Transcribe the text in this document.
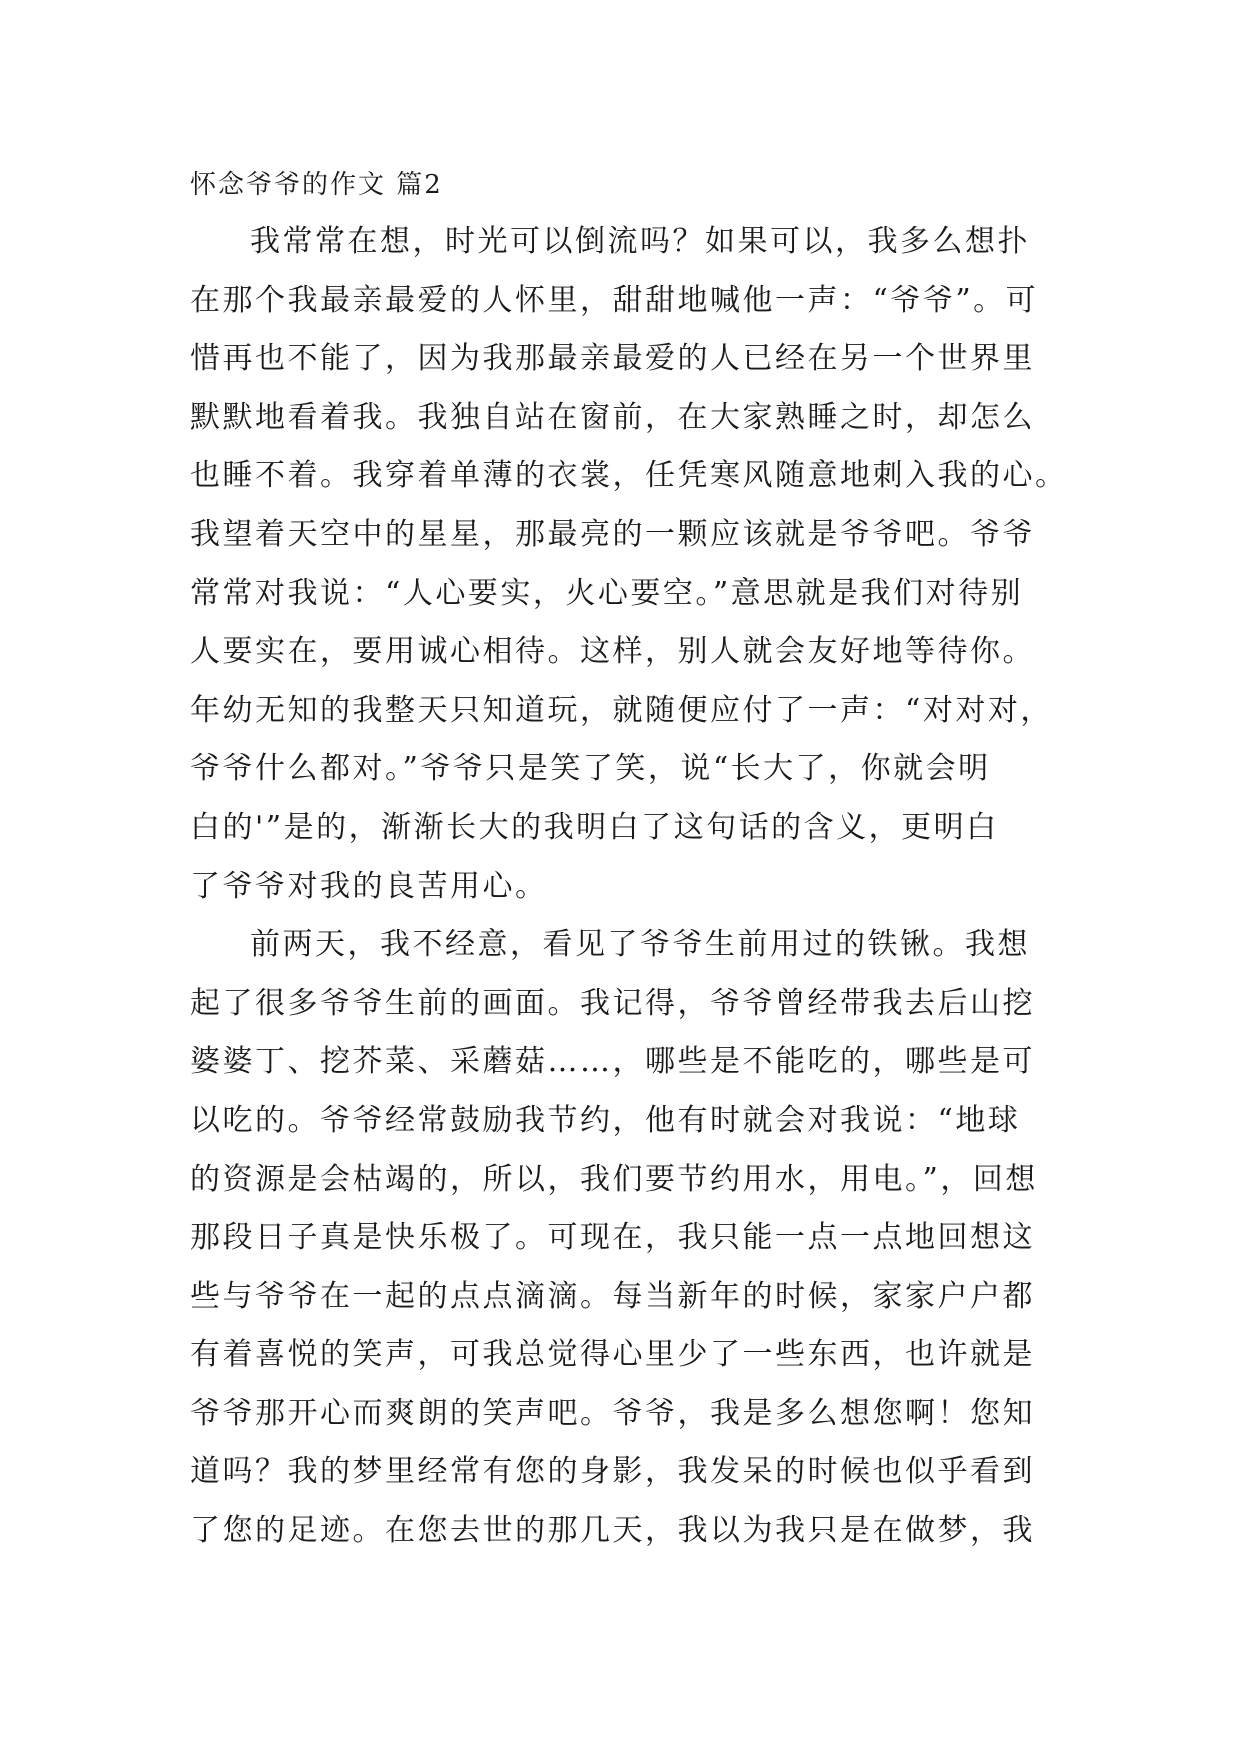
怀念爷爷的作文 篇2
我常常在想，时光可以倒流吗？如果可以，我多么想扑
在那个我最亲最爱的人怀里，甜甜地喊他一声：“爷爷”。可
惜再也不能了，因为我那最亲最爱的人已经在另一个世界里
默默地看着我。我独自站在窗前，在大家熟睡之时，却怎么
也睡不着。我穿着单薄的衣裳，任凭寒风随意地刺入我的心。
我望着天空中的星星，那最亮的一颗应该就是爷爷吧。爷爷
常常对我说：“人心要实，火心要空。”意思就是我们对待别
人要实在，要用诚心相待。这样，别人就会友好地等待你。
年幼无知的我整天只知道玩，就随便应付了一声：“对对对，
爷爷什么都对。”爷爷只是笑了笑，说“长大了，你就会明
白的'”是的，渐渐长大的我明白了这句话的含义，更明白
了爷爷对我的良苦用心。
前两天，我不经意，看见了爷爷生前用过的铁锹。我想
起了很多爷爷生前的画面。我记得，爷爷曾经带我去后山挖
婆婆丁、挖芥菜、采蘑菇……，哪些是不能吃的，哪些是可
以吃的。爷爷经常鼓励我节约，他有时就会对我说：“地球
的资源是会枯竭的，所以，我们要节约用水，用电。”，回想
那段日子真是快乐极了。可现在，我只能一点一点地回想这
些与爷爷在一起的点点滴滴。每当新年的时候，家家户户都
有着喜悦的笑声，可我总觉得心里少了一些东西，也许就是
爷爷那开心而爽朗的笑声吧。爷爷，我是多么想您啊！您知
道吗？我的梦里经常有您的身影，我发呆的时候也似乎看到
了您的足迹。在您去世的那几天，我以为我只是在做梦，我
